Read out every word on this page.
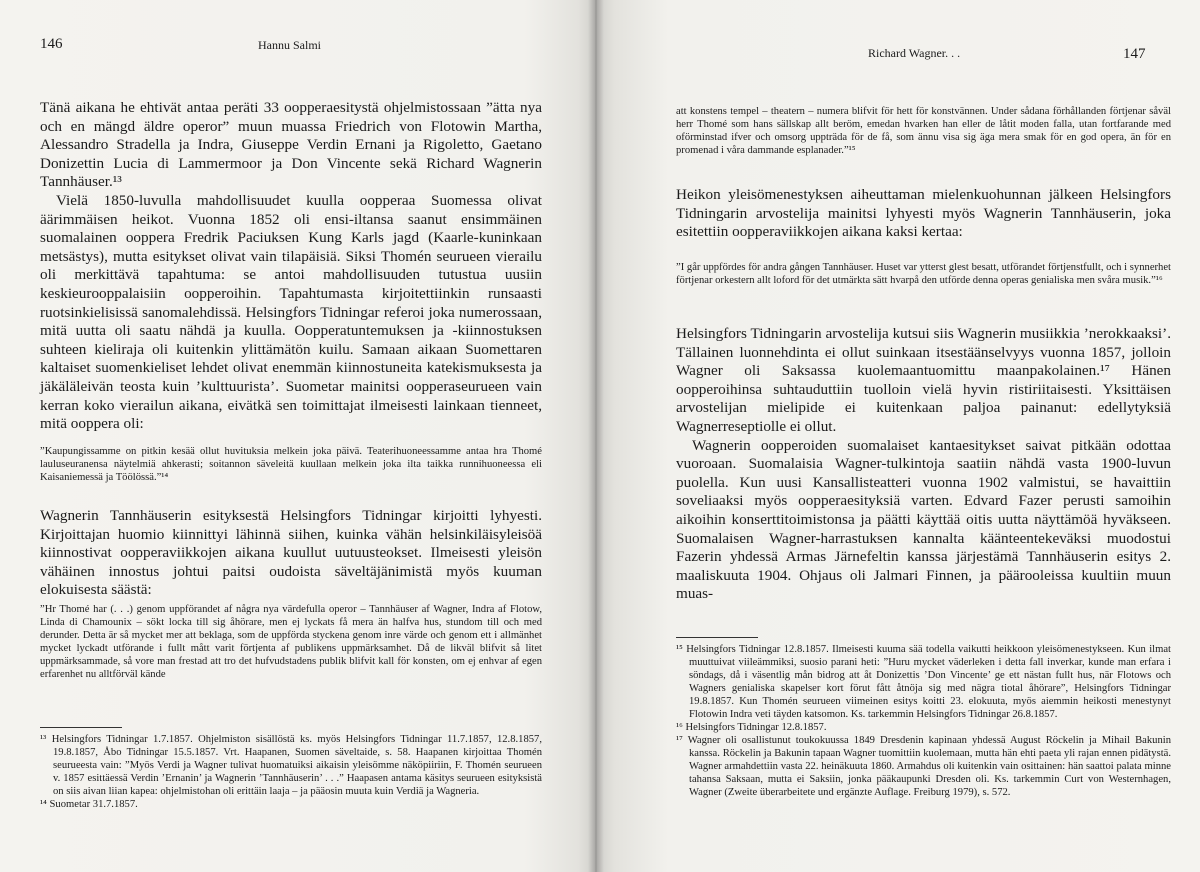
146	Hannu Salmi

Tänä aikana he ehtivät antaa peräti 33 oopperaesitystä ohjelmistossaan ”ätta nya och en mängd äldre operor” muun muassa Friedrich von Flotowin Martha, Alessandro Stradella ja Indra, Giuseppe Verdin Ernani ja Rigoletto, Gaetano Donizettin Lucia di Lammermoor ja Don Vincente sekä Richard Wagnerin Tannhäuser.¹³

Vielä 1850-luvulla mahdollisuudet kuulla oopperaa Suomessa olivat äärimmäisen heikot. Vuonna 1852 oli ensi-iltansa saanut ensimmäinen suomalainen ooppera Fredrik Paciuksen Kung Karls jagd (Kaarle-kuninkaan metsästys), mutta esitykset olivat vain tilapäisiä. Siksi Thomén seurueen vierailu oli merkittävä tapahtuma: se antoi mahdollisuuden tutustua uusiin keskieurooppalaisiin oopperoihin. Tapahtumasta kirjoitettiinkin runsaasti ruotsinkielisissä sanomalehdissä. Helsingfors Tidningar referoi joka numerossaan, mitä uutta oli saatu nähdä ja kuulla. Oopperatuntemuksen ja -kiinnostuksen suhteen kieliraja oli kuitenkin ylittämätön kuilu. Samaan aikaan Suomettaren kaltaiset suomenkieliset lehdet olivat enemmän kiinnostuneita katekismuksesta ja jäkäläleivän teosta kuin ’kulttuurista’. Suometar mainitsi oopperaseurueen vain kerran koko vierailun aikana, eivätkä sen toimittajat ilmeisesti lainkaan tienneet, mitä ooppera oli:

”Kaupungissamme on pitkin kesää ollut huvituksia melkein joka päivä. Teaterihuoneessamme antaa hra Thomé lauluseuranensa näytelmiä ahkerasti; soitannon säveleitä kuullaan melkein joka ilta taikka runnihuoneessa eli Kaisaniemessä ja Töölössä.”¹⁴

Wagnerin Tannhäuserin esityksestä Helsingfors Tidningar kirjoitti lyhyesti. Kirjoittajan huomio kiinnittyi lähinnä siihen, kuinka vähän helsinkiläisyleisöä kiinnostivat oopperaviikkojen aikana kuullut uutuusteokset. Ilmeisesti yleisön vähäinen innostus johtui paitsi oudoista säveltäjänimistä myös kuuman elokuisesta säästä:

”Hr Thomé har (. . .) genom uppförandet af några nya värdefulla operor – Tannhäuser af Wagner, Indra af Flotow, Linda di Chamounix – sökt locka till sig åhörare, men ej lyckats få mera än halfva hus, stundom till och med derunder. Detta är så mycket mer att beklaga, som de uppförda styckena genom inre värde och genom ett i allmänhet mycket lyckadt utförande i fullt mått varit förtjenta af publikens uppmärksamhet. Då de likväl blifvit så litet uppmärksammade, så vore man frestad att tro det hufvudstadens publik blifvit kall för konsten, om ej enhvar af egen erfarenhet nu alltförväl kände

¹³ Helsingfors Tidningar 1.7.1857. Ohjelmiston sisällöstä ks. myös Helsingfors Tidningar 11.7.1857, 12.8.1857, 19.8.1857, Åbo Tidningar 15.5.1857. Vrt. Haapanen, Suomen säveltaide, s. 58. Haapanen kirjoittaa Thomén seurueesta vain: ”Myös Verdi ja Wagner tulivat huomatuiksi aikaisin yleisömme näköpiiriin, F. Thomén seurueen v. 1857 esittäessä Verdin ’Ernanin’ ja Wagnerin ’Tannhäuserin’ . . .” Haapasen antama käsitys seurueen esityksistä on siis aivan liian kapea: ohjelmistohan oli erittäin laaja – ja pääosin muuta kuin Verdiä ja Wagneria.

¹⁴ Suometar 31.7.1857.

Richard Wagner. . .	147
att konstens tempel – theatern – numera blifvit för hett för konstvännen. Under sådana förhållanden förtjenar såväl herr Thomé som hans sällskap allt beröm, emedan hvarken han eller de låtit moden falla, utan fortfarande med oförminstad ifver och omsorg uppträda för de få, som ännu visa sig äga mera smak för en god opera, än för en promenad i våra dammande esplanader.”¹⁵

Heikon yleisömenestyksen aiheuttaman mielenkuohunnan jälkeen Helsingfors Tidningarin arvostelija mainitsi lyhyesti myös Wagnerin Tannhäuserin, joka esitettiin oopperaviikkojen aikana kaksi kertaa:

”I går uppfördes för andra gången Tannhäuser. Huset var ytterst glest besatt, utförandet förtjenstfullt, och i synnerhet förtjenar orkestern allt loford för det utmärkta sätt hvarpå den utförde denna operas genialiska men svåra musik.”¹⁶

Helsingfors Tidningarin arvostelija kutsui siis Wagnerin musiikkia ’nerokkaaksi’. Tällainen luonnehdinta ei ollut suinkaan itsestäänselvyys vuonna 1857, jolloin Wagner oli Saksassa kuolemaantuomittu maanpakolainen.¹⁷ Hänen oopperoihinsa suhtauduttiin tuolloin vielä hyvin ristiriitaisesti. Yksittäisen arvostelijan mielipide ei kuitenkaan paljoa painanut: edellytyksiä Wagnerreseptiolle ei ollut.

Wagnerin oopperoiden suomalaiset kantaesitykset saivat pitkään odottaa vuoroaan. Suomalaisia Wagner-tulkintoja saatiin nähdä vasta 1900-luvun puolella. Kun uusi Kansallisteatteri vuonna 1902 valmistui, se havaittiin soveliaaksi myös oopperaesityksiä varten. Edvard Fazer perusti samoihin aikoihin konserttitoimistonsa ja päätti käyttää oitis uutta näyttämöä hyväkseen. Suomalaisen Wagner-harrastuksen kannalta käänteentekeväksi muodostui Fazerin yhdessä Armas Järnefeltin kanssa järjestämä Tannhäuserin esitys 2. maaliskuuta 1904. Ohjaus oli Jalmari Finnen, ja päärooleissa kuultiin muun muas-

¹⁵ Helsingfors Tidningar 12.8.1857. Ilmeisesti kuuma sää todella vaikutti heikkoon yleisömenestykseen. Kun ilmat muuttuivat viileämmiksi, suosio parani heti: ”Huru mycket väderleken i detta fall inverkar, kunde man erfara i söndags, då i väsentlig mån bidrog att åt Donizettis ’Don Vincente’ ge ett nästan fullt hus, när Flotows och Wagners genialiska skapelser kort förut fått åtnöja sig med nägra tiotal åhörare”, Helsingfors Tidningar 19.8.1857. Kun Thomén seurueen viimeinen esitys koitti 23. elokuuta, myös aiemmin heikosti menestynyt Flotowin Indra veti täyden katsomon. Ks. tarkemmin Helsingfors Tidningar 26.8.1857.

¹⁶ Helsingfors Tidningar 12.8.1857.

¹⁷ Wagner oli osallistunut toukokuussa 1849 Dresdenin kapinaan yhdessä August Röckelin ja Mihail Bakunin kanssa. Röckelin ja Bakunin tapaan Wagner tuomittiin kuolemaan, mutta hän ehti paeta yli rajan ennen pidätystä. Wagner armahdettiin vasta 22. heinäkuuta 1860. Armahdus oli kuitenkin vain osittainen: hän saattoi palata minne tahansa Saksaan, mutta ei Saksiin, jonka pääkaupunki Dresden oli. Ks. tarkemmin Curt von Westernhagen, Wagner (Zweite überarbeitete und ergänzte Auflage. Freiburg 1979), s. 572.
